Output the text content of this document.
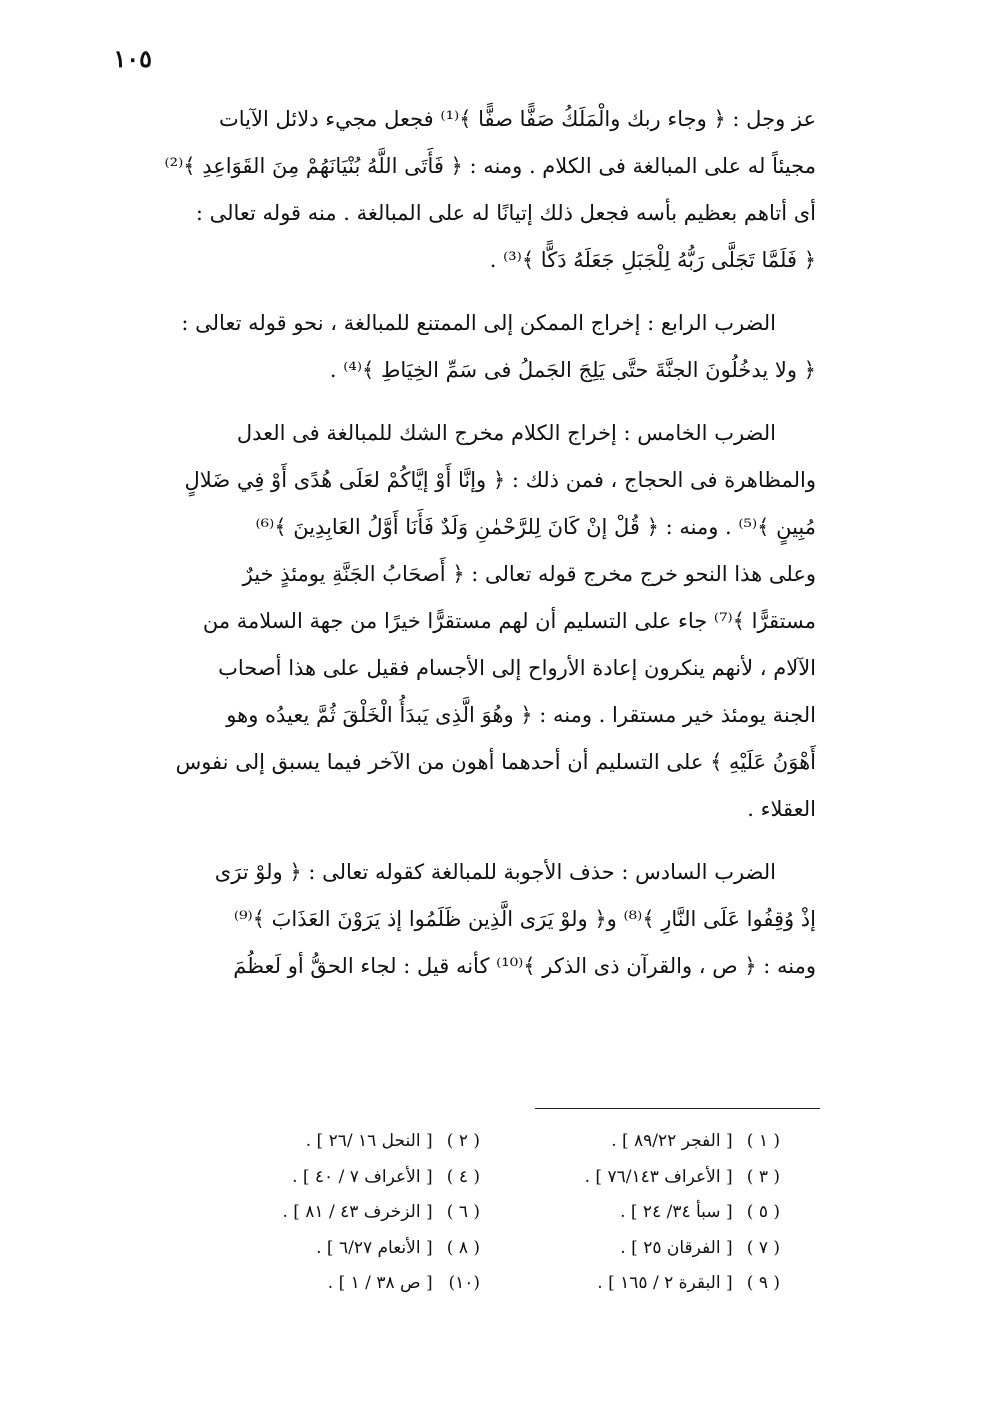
١٠٥

عز وجل : ﴿ وجاء ربك والْمَلَكُ صَفًّا صفًّا ﴾⁽¹⁾ فجعل مجيء دلائل الآيات
مجيئاً له على المبالغة فى الكلام . ومنه : ﴿ فَأَتَى اللَّهُ بُنْيَانَهُمْ مِنَ القَوَاعِدِ ﴾⁽²⁾
أى أتاهم بعظيم بأسه فجعل ذلك إتيانًا له على المبالغة . منه قوله تعالى :
﴿ فَلَمَّا تَجَلَّى رَبُّهُ لِلْجَبَلِ جَعَلَهُ دَكًّا ﴾⁽³⁾ .

الضرب الرابع : إخراج الممكن إلى الممتنع للمبالغة ، نحو قوله تعالى :
﴿ ولا يدخُلُونَ الجنَّةَ حتَّى يَلِجَ الجَملُ فى سَمِّ الخِيَاطِ ﴾⁽⁴⁾ .

الضرب الخامس : إخراج الكلام مخرج الشك للمبالغة فى العدل
والمظاهرة فى الحجاج ، فمن ذلك : ﴿ وإنَّا أَوْ إيَّاكُمْ لعَلَى هُدًى أَوْ فِي ضَلالٍ
مُبِينٍ ﴾⁽⁵⁾ . ومنه : ﴿ قُلْ إنْ كَانَ لِلرَّحْمٰنِ وَلَدٌ فَأَنَا أَوَّلُ العَابِدِينَ ﴾⁽⁶⁾
وعلى هذا النحو خرج مخرج قوله تعالى : ﴿ أَصحَابُ الجَنَّةِ يومئذٍ خيرٌ
مستقرًّا ﴾⁽⁷⁾ جاء على التسليم أن لهم مستقرًّا خيرًا من جهة السلامة من
الآلام ، لأنهم ينكرون إعادة الأرواح إلى الأجسام فقيل على هذا أصحاب
الجنة يومئذ خير مستقرا . ومنه : ﴿ وهُوَ الَّذِى يَبدَأُ الْخَلْقَ ثُمَّ يعيدُه وهو
أَهْوَنُ عَلَيْهِ ﴾ على التسليم أن أحدهما أهون من الآخر فيما يسبق إلى نفوس
العقلاء .

الضرب السادس : حذف الأجوبة للمبالغة كقوله تعالى : ﴿ ولوْ ترَى
إذْ وُقِفُوا عَلَى النَّارِ ﴾⁽⁸⁾ و﴿ ولوْ يَرَى الَّذِين ظَلَمُوا إذ يَرَوْنَ العَذَابَ ﴾⁽⁹⁾
ومنه : ﴿ ص ، والقرآن ذى الذكر ﴾⁽¹⁰⁾ كأنه قيل : لجاء الحقُّ أو لَعظُمَ

( ١ ) [ الفجر ٨٩/٢٢ ] .
( ٢ ) [ النحل ١٦ /٢٦ ] .
( ٣ ) [ الأعراف ٧٦/١٤٣ ] .
( ٤ ) [ الأعراف ٧ / ٤٠ ] .
( ٥ ) [ سبأ ٣٤/ ٢٤ ] .
( ٦ ) [ الزخرف ٤٣ / ٨١ ] .
( ٧ ) [ الفرقان ٢٥ ] .
( ٨ ) [ الأنعام ٦/٢٧ ] .
( ٩ ) [ البقرة ٢ / ١٦٥ ] .
(١٠) [ ص ٣٨ / ١ ] .
